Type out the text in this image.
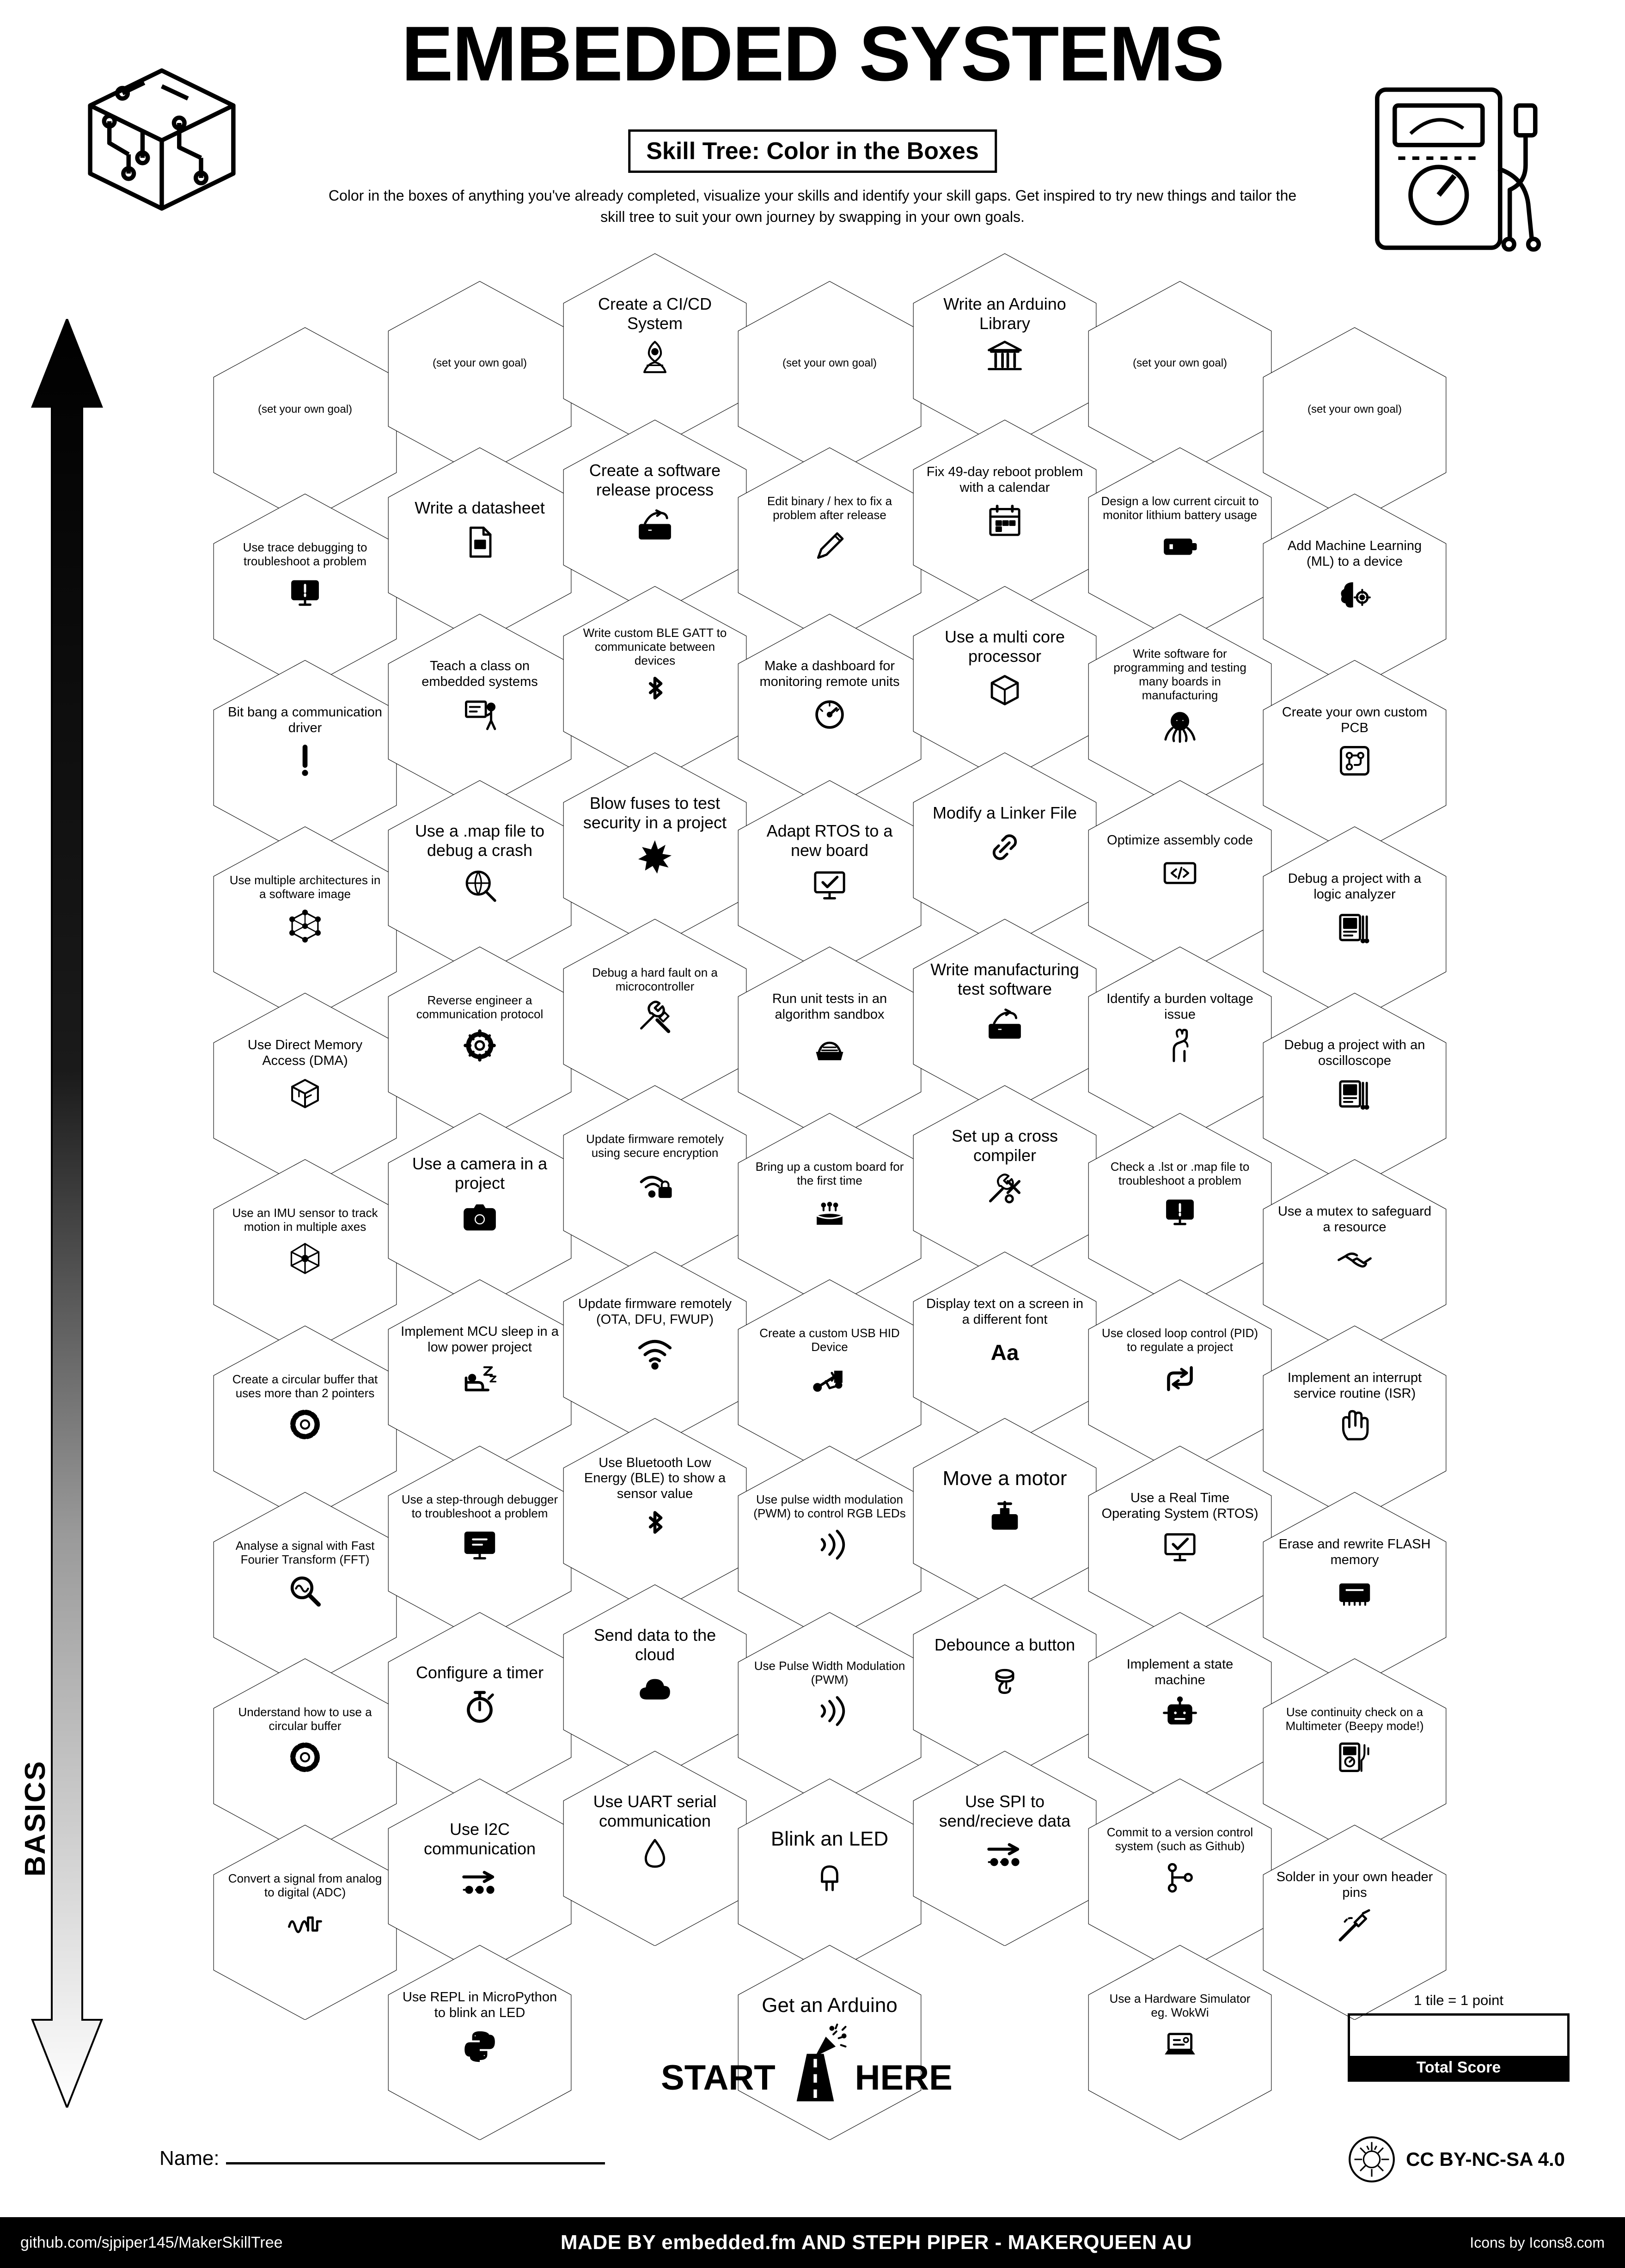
EMBEDDED SYSTEMS
Skill Tree: Color in the Boxes
Color in the boxes of anything you've already completed, visualize your skills and identify your skill gaps. Get inspired to try new things and tailor the skill tree to suit your own journey by swapping in your own goals.
ADVANCED
BASICS
(set your own goal)
Use trace debugging to troubleshoot a problem
Bit bang a communication driver
Use multiple architectures in a software image
Use Direct Memory Access (DMA)
Use an IMU sensor to track motion in multiple axes
Create a circular buffer that uses more than 2 pointers
Analyse a signal with Fast Fourier Transform (FFT)
Understand how to use a circular buffer
Convert a signal from analog to digital (ADC)
(set your own goal)
Write a datasheet
Teach a class on embedded systems
Use a .map file to debug a crash
Reverse engineer a communication protocol
Use a camera in a project
Implement MCU sleep in a low power project
Use a step-through debugger to troubleshoot a problem
Configure a timer
Use I2C communication
Use REPL in MicroPython to blink an LED
Create a CI/CD System
Create a software release process
Write custom BLE GATT to communicate between devices
Blow fuses to test security in a project
Debug a hard fault on a microcontroller
Update firmware remotely using secure encryption
Update firmware remotely (OTA, DFU, FWUP)
Use Bluetooth Low Energy (BLE) to show a sensor value
Send data to the cloud
Use UART serial communication
(set your own goal)
Edit binary / hex to fix a problem after release
Make a dashboard for monitoring remote units
Adapt RTOS to a new board
Run unit tests in an algorithm sandbox
Bring up a custom board for the first time
Create a custom USB HID Device
Use pulse width modulation (PWM) to control RGB LEDs
Use Pulse Width Modulation (PWM)
Blink an LED
Get an Arduino
Write an Arduino Library
Fix 49-day reboot problem with a calendar
Use a multi core processor
Modify a Linker File
Write manufacturing test software
Set up a cross compiler
Display text on a screen in a different font
Aa
Move a motor
Debounce a button
Use SPI to send/recieve data
(set your own goal)
Design a low current circuit to monitor lithium battery usage
Write software for programming and testing many boards in manufacturing
Optimize assembly code
Identify a burden voltage issue
Check a .lst or .map file to troubleshoot a problem
Use closed loop control (PID) to regulate a project
Use a Real Time Operating System (RTOS)
Implement a state machine
Commit to a version control system (such as Github)
Use a Hardware Simulator eg. WokWi
(set your own goal)
Add Machine Learning (ML) to a device
Create your own custom PCB
Debug a project with a logic analyzer
Debug a project with an oscilloscope
Use a mutex to safeguard a resource
Implement an interrupt service routine (ISR)
Erase and rewrite FLASH memory
Use continuity check on a Multimeter (Beepy mode!)
Solder in your own header pins
START HERE
Name:
1 tile = 1 point
Total Score
CC BY-NC-SA 4.0
github.com/sjpiper145/MakerSkillTree	MADE BY embedded.fm AND STEPH PIPER - MAKERQUEEN AU	Icons by Icons8.com
